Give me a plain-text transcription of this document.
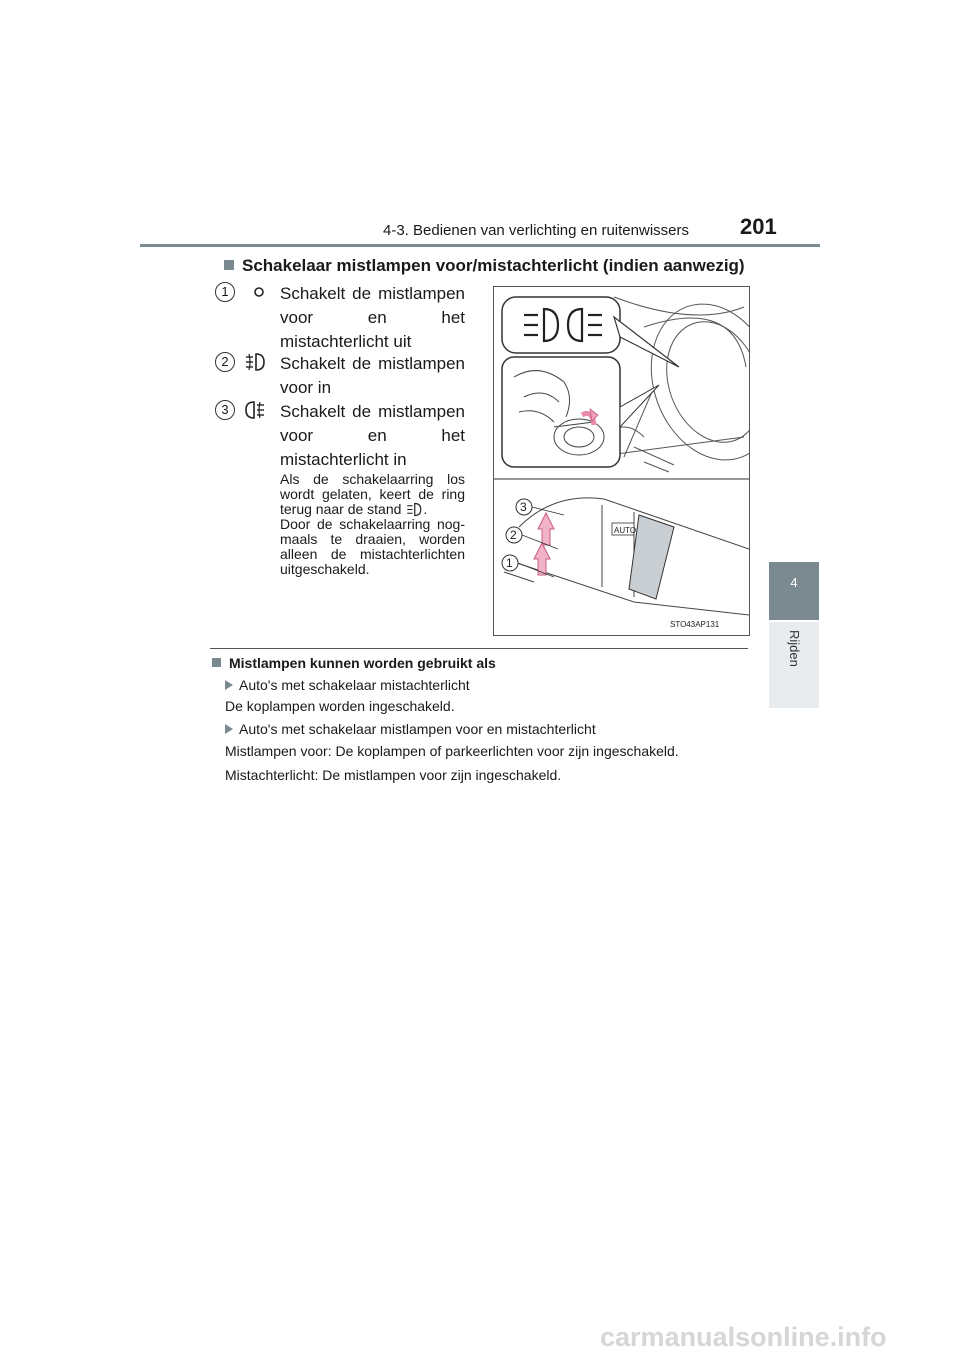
4-3. Bedienen van verlichting en ruitenwissers 201
4
Rijden
Schakelaar mistlampen voor/mistachterlicht (indien aanwezig)
1	Schakelt de mistlampen voor en het mistachterlicht uit
2	Schakelt de mistlampen voor in
3	Schakelt de mistlampen voor en het mistachterlicht in
Als de schakelaarring los wordt gelaten, keert de ring terug naar de stand .
Door de schakelaarring nog-maals te draaien, worden alleen de mistachterlichten uitgeschakeld.
AUTO
3
2
1
STO43AP131
Mistlampen kunnen worden gebruikt als
Auto's met schakelaar mistachterlicht
De koplampen worden ingeschakeld.
Auto's met schakelaar mistlampen voor en mistachterlicht
Mistlampen voor: De koplampen of parkeerlichten voor zijn ingeschakeld.
Mistachterlicht: De mistlampen voor zijn ingeschakeld.
carmanualsonline.info
